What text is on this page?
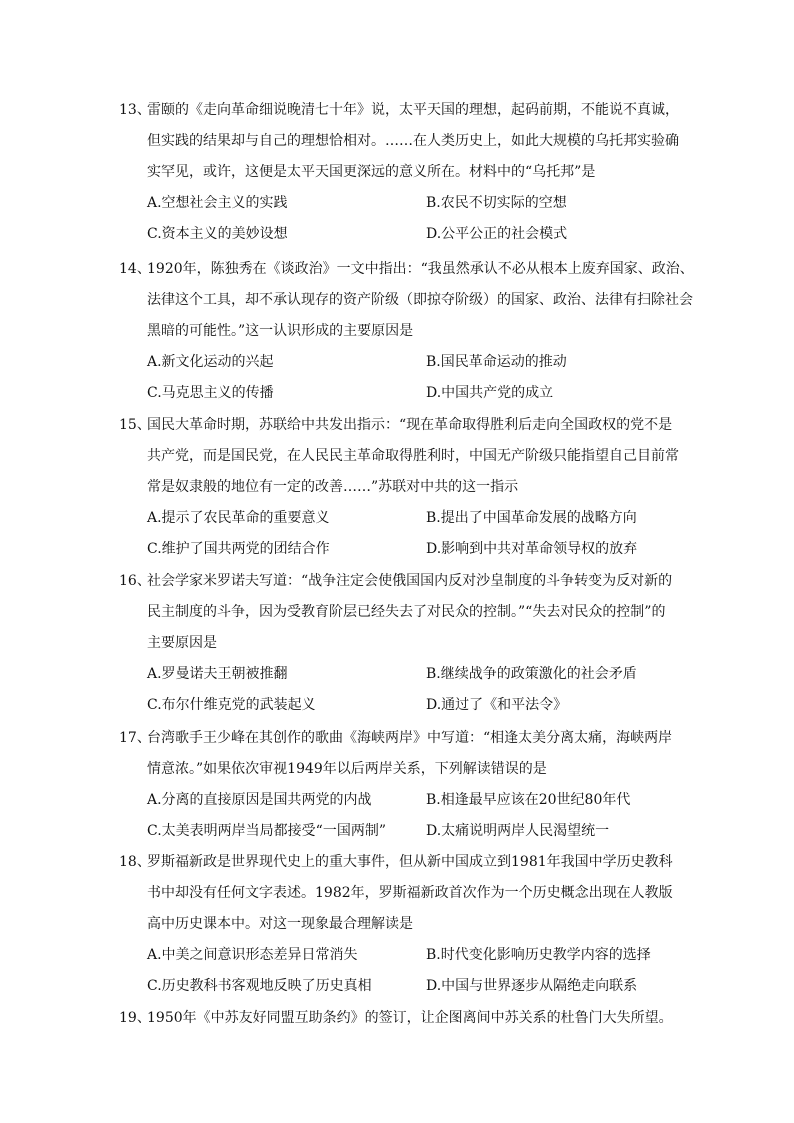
13、
雷颐的《走向革命细说晚清七十年》说，太平天国的理想，起码前期，不能说不真诚，
但实践的结果却与自己的理想恰相对。……在人类历史上，如此大规模的乌托邦实验确
实罕见，或许，这便是太平天国更深远的意义所在。材料中的“乌托邦”是
A.空想社会主义的实践	B.农民不切实际的空想
C.资本主义的美妙设想	D.公平公正的社会模式
14、
1920年，陈独秀在《谈政治》一文中指出：“我虽然承认不必从根本上废弃国家、政治、
法律这个工具，却不承认现存的资产阶级（即掠夺阶级）的国家、政治、法律有扫除社会
黑暗的可能性。”这一认识形成的主要原因是
A.新文化运动的兴起	B.国民革命运动的推动
C.马克思主义的传播	D.中国共产党的成立
15、
国民大革命时期，苏联给中共发出指示：“现在革命取得胜利后走向全国政权的党不是
共产党，而是国民党，在人民民主革命取得胜利时，中国无产阶级只能指望自己目前常
常是奴隶般的地位有一定的改善……”苏联对中共的这一指示
A.提示了农民革命的重要意义	B.提出了中国革命发展的战略方向
C.维护了国共两党的团结合作	D.影响到中共对革命领导权的放弃
16、
社会学家米罗诺夫写道：“战争注定会使俄国国内反对沙皇制度的斗争转变为反对新的
民主制度的斗争，因为受教育阶层已经失去了对民众的控制。”“失去对民众的控制”的
主要原因是
A.罗曼诺夫王朝被推翻	B.继续战争的政策激化的社会矛盾
C.布尔什维克党的武装起义	D.通过了《和平法令》
17、
台湾歌手王少峰在其创作的歌曲《海峡两岸》中写道：“相逢太美分离太痛，海峡两岸
情意浓。”如果依次审视1949年以后两岸关系，下列解读错误的是
A.分离的直接原因是国共两党的内战	B.相逢最早应该在20世纪80年代
C.太美表明两岸当局都接受“一国两制”	D.太痛说明两岸人民渴望统一
18、
罗斯福新政是世界现代史上的重大事件，但从新中国成立到1981年我国中学历史教科
书中却没有任何文字表述。1982年，罗斯福新政首次作为一个历史概念出现在人教版
高中历史课本中。对这一现象最合理解读是
A.中美之间意识形态差异日常消失	B.时代变化影响历史教学内容的选择
C.历史教科书客观地反映了历史真相	D.中国与世界逐步从隔绝走向联系
19、
1950年《中苏友好同盟互助条约》的签订，让企图离间中苏关系的杜鲁门大失所望。
